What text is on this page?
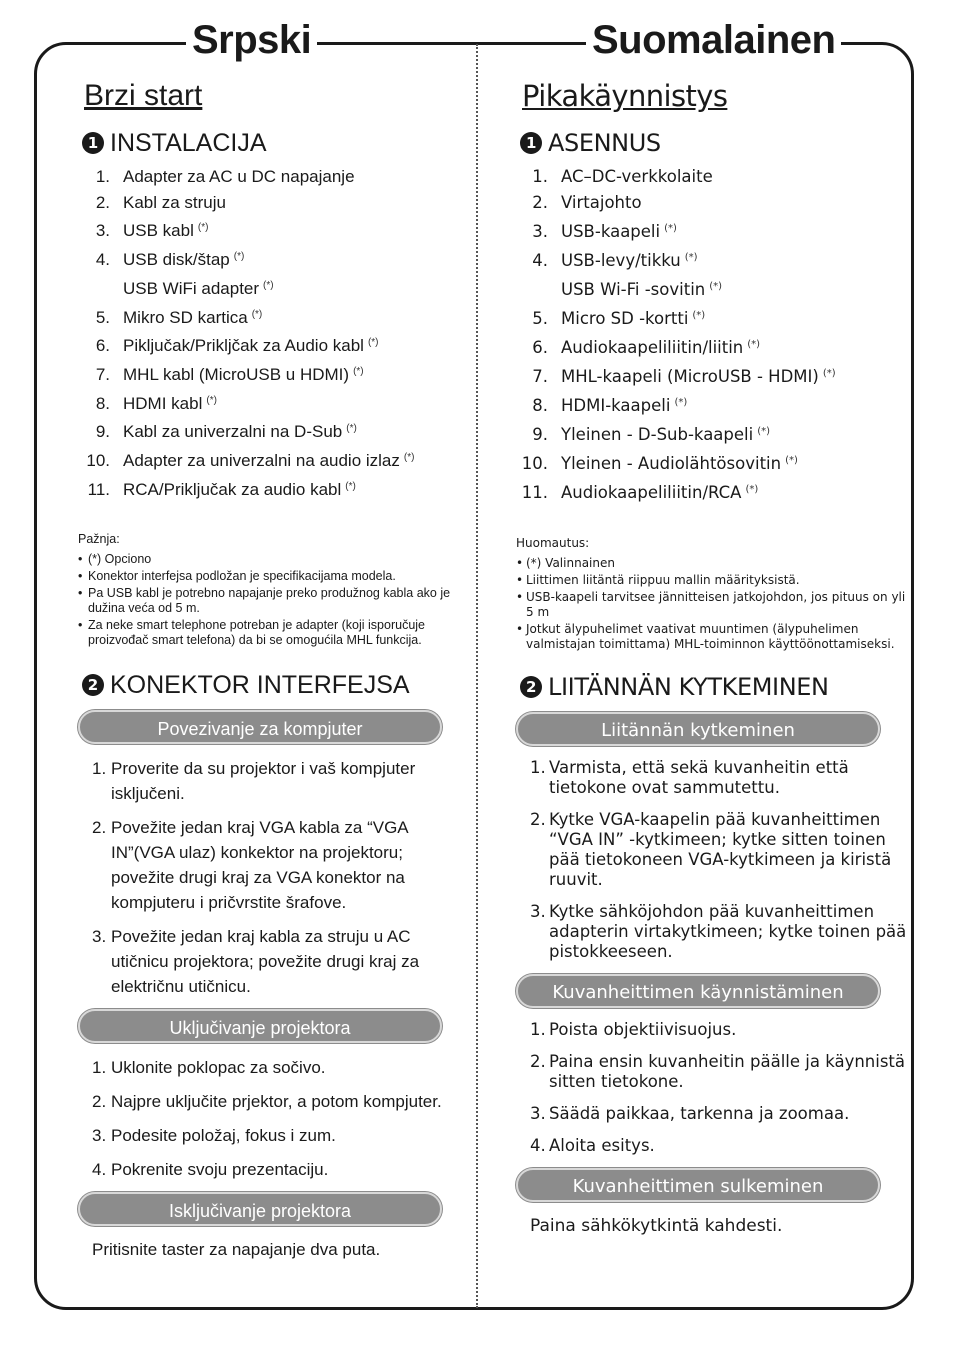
Srpski	Suomalainen
Brzi start
1 INSTALACIJA
1. Adapter za AC u DC napajanje
2. Kabl za struju
3. USB kabl (*)
4. USB disk/štap (*)
USB WiFi adapter (*)
5. Mikro SD kartica (*)
6. Piključak/Prikljčak za Audio kabl (*)
7. MHL kabl (MicroUSB u HDMI) (*)
8. HDMI kabl (*)
9. Kabl za univerzalni na D-Sub (*)
10. Adapter za univerzalni na audio izlaz (*)
11. RCA/Priključak za audio kabl (*)
Pažnja:
• (*) Opciono
• Konektor interfejsa podložan je specifikacijama modela.
• Pa USB kabl je potrebno napajanje preko produžnog kabla ako je dužina veća od 5 m.
• Za neke smart telephone potreban je adapter (koji isporučuje proizvođač smart telefona) da bi se omogućila MHL funkcija.
2 KONEKTOR INTERFEJSA
Povezivanje za kompjuter
1. Proverite da su projektor i vaš kompjuter isključeni.
2. Povežite jedan kraj VGA kabla za “VGA IN”(VGA ulaz) konkektor na projektoru; povežite drugi kraj za VGA konektor na kompjuteru i pričvrstite šrafove.
3. Povežite jedan kraj kabla za struju u AC utičnicu projektora; povežite drugi kraj za električnu utičnicu.
Uključivanje projektora
1. Uklonite poklopac za sočivo.
2. Najpre uključite prjektor, a potom kompjuter.
3. Podesite položaj, fokus i zum.
4. Pokrenite svoju prezentaciju.
Isključivanje projektora
Pritisnite taster za napajanje dva puta.
Pikakäynnistys
1 ASENNUS
1. AC–DC-verkkolaite
2. Virtajohto
3. USB-kaapeli (*)
4. USB-levy/tikku (*)
USB Wi-Fi -sovitin (*)
5. Micro SD -kortti (*)
6. Audiokaapeliliitin/liitin (*)
7. MHL-kaapeli (MicroUSB - HDMI) (*)
8. HDMI-kaapeli (*)
9. Yleinen - D-Sub-kaapeli (*)
10. Yleinen - Audiolähtösovitin (*)
11. Audiokaapeliliitin/RCA (*)
Huomautus:
• (*) Valinnainen
• Liittimen liitäntä riippuu mallin määrityksistä.
• USB-kaapeli tarvitsee jännitteisen jatkojohdon, jos pituus on yli 5 m
• Jotkut älypuhelimet vaativat muuntimen (älypuhelimen valmistajan toimittama) MHL-toiminnon käyttöönottamiseksi.
2 LIITÄNNÄN KYTKEMINEN
Liitännän kytkeminen
1. Varmista, että sekä kuvanheitin että tietokone ovat sammutettu.
2. Kytke VGA-kaapelin pää kuvanheittimen “VGA IN” -kytkimeen; kytke sitten toinen pää tietokoneen VGA-kytkimeen ja kiristä ruuvit.
3. Kytke sähköjohdon pää kuvanheittimen adapterin virtakytkimeen; kytke toinen pää pistokkeeseen.
Kuvanheittimen käynnistäminen
1. Poista objektiivisuojus.
2. Paina ensin kuvanheitin päälle ja käynnistä sitten tietokone.
3. Säädä paikkaa, tarkenna ja zoomaa.
4. Aloita esitys.
Kuvanheittimen sulkeminen
Paina sähkökytkintä kahdesti.
